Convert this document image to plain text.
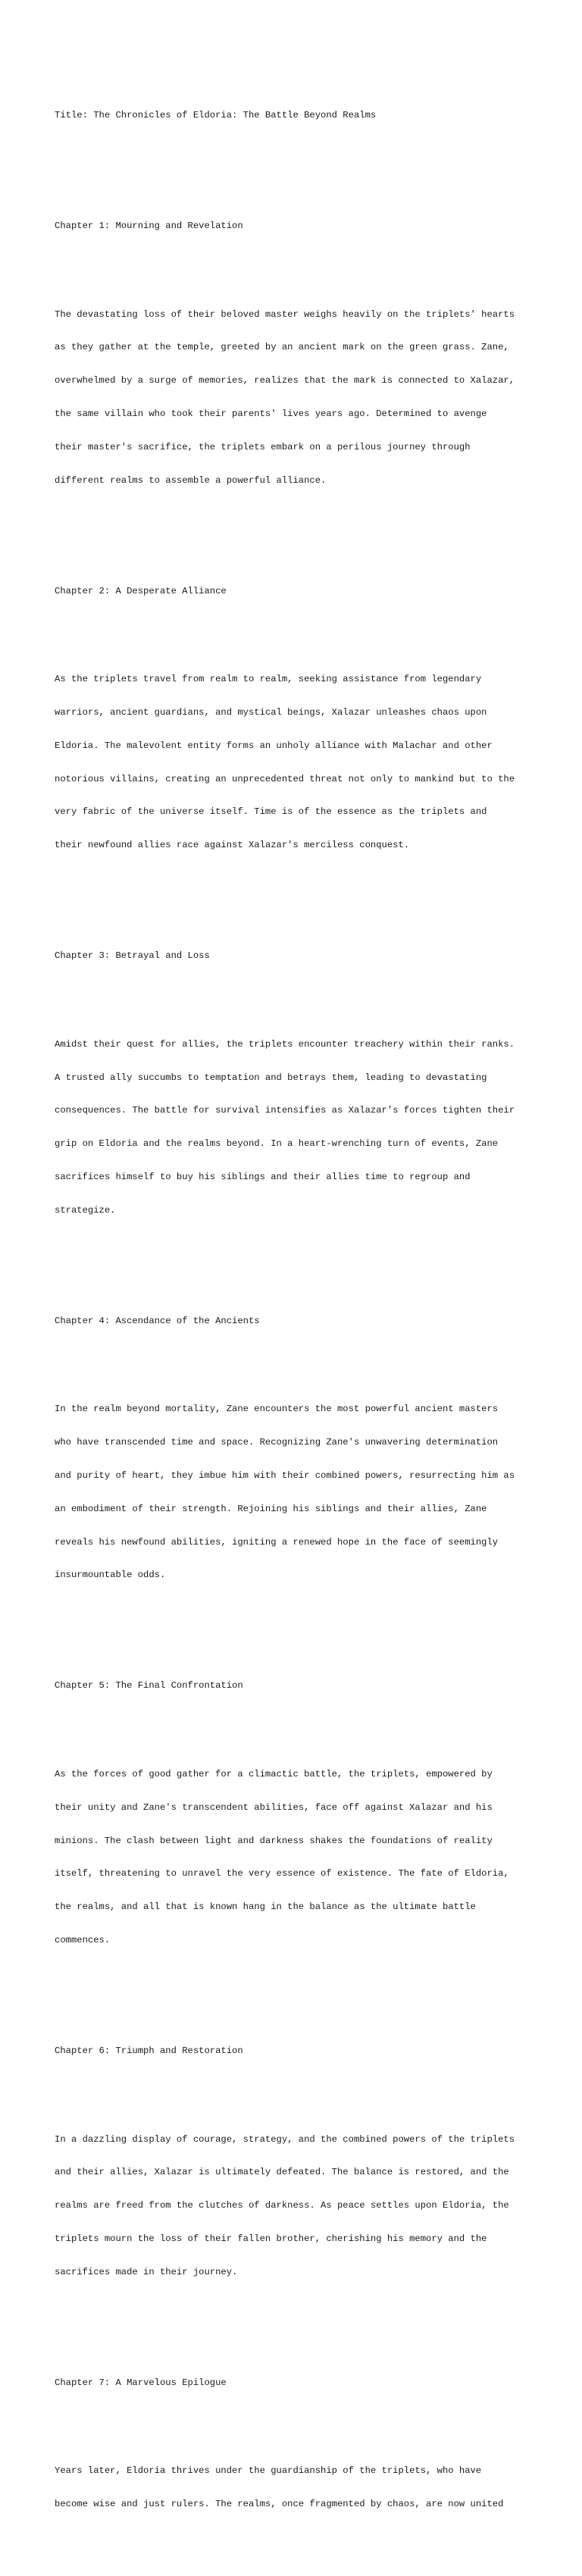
Title: The Chronicles of Eldoria: The Battle Beyond Realms

Chapter 1: Mourning and Revelation

The devastating loss of their beloved master weighs heavily on the triplets' hearts

as they gather at the temple, greeted by an ancient mark on the green grass. Zane,

overwhelmed by a surge of memories, realizes that the mark is connected to Xalazar,

the same villain who took their parents' lives years ago. Determined to avenge

their master's sacrifice, the triplets embark on a perilous journey through

different realms to assemble a powerful alliance.

Chapter 2: A Desperate Alliance

As the triplets travel from realm to realm, seeking assistance from legendary

warriors, ancient guardians, and mystical beings, Xalazar unleashes chaos upon

Eldoria. The malevolent entity forms an unholy alliance with Malachar and other

notorious villains, creating an unprecedented threat not only to mankind but to the

very fabric of the universe itself. Time is of the essence as the triplets and

their newfound allies race against Xalazar's merciless conquest.

Chapter 3: Betrayal and Loss

Amidst their quest for allies, the triplets encounter treachery within their ranks.

A trusted ally succumbs to temptation and betrays them, leading to devastating

consequences. The battle for survival intensifies as Xalazar's forces tighten their

grip on Eldoria and the realms beyond. In a heart-wrenching turn of events, Zane

sacrifices himself to buy his siblings and their allies time to regroup and

strategize.

Chapter 4: Ascendance of the Ancients

In the realm beyond mortality, Zane encounters the most powerful ancient masters

who have transcended time and space. Recognizing Zane's unwavering determination

and purity of heart, they imbue him with their combined powers, resurrecting him as

an embodiment of their strength. Rejoining his siblings and their allies, Zane

reveals his newfound abilities, igniting a renewed hope in the face of seemingly

insurmountable odds.

Chapter 5: The Final Confrontation

As the forces of good gather for a climactic battle, the triplets, empowered by

their unity and Zane's transcendent abilities, face off against Xalazar and his

minions. The clash between light and darkness shakes the foundations of reality

itself, threatening to unravel the very essence of existence. The fate of Eldoria,

the realms, and all that is known hang in the balance as the ultimate battle

commences.

Chapter 6: Triumph and Restoration

In a dazzling display of courage, strategy, and the combined powers of the triplets

and their allies, Xalazar is ultimately defeated. The balance is restored, and the

realms are freed from the clutches of darkness. As peace settles upon Eldoria, the

triplets mourn the loss of their fallen brother, cherishing his memory and the

sacrifices made in their journey.

Chapter 7: A Marvelous Epilogue

Years later, Eldoria thrives under the guardianship of the triplets, who have

become wise and just rulers. The realms, once fragmented by chaos, are now united
